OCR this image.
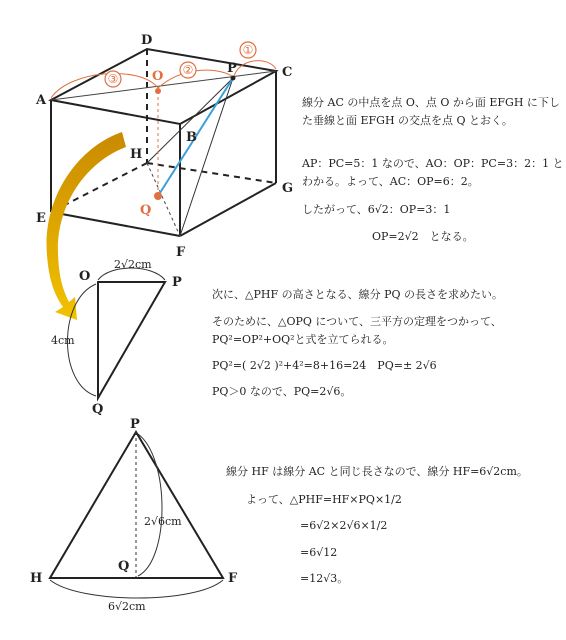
①
②
③
A
D
C
B
H
G
E
F
O
P
Q
2√2cm
4cm
O	P
Q
2√6cm
6√2cm
P
H	F
Q
線分 AC の中点を点 O、点 O から面 EFGH に下し
た垂線と面 EFGH の交点を点 Q とおく。
AP：PC=5：1 なので、AO：OP：PC=3：2：1 と
わかる。よって、AC：OP=6：2。
したがって、6√2：OP=3：1
OP=2√2　となる。
次に、△PHF の高さとなる、線分 PQ の長さを求めたい。
そのために、△OPQ について、三平方の定理をつかって、
PQ²=OP²+OQ²と式を立てられる。
PQ²=( 2√2 )²+4²=8+16=24　PQ=± 2√6
PQ＞0 なので、PQ=2√6。
線分 HF は線分 AC と同じ長さなので、線分 HF=6√2cm。
よって、△PHF=HF×PQ×1/2
=6√2×2√6×1/2
=6√12
=12√3。
